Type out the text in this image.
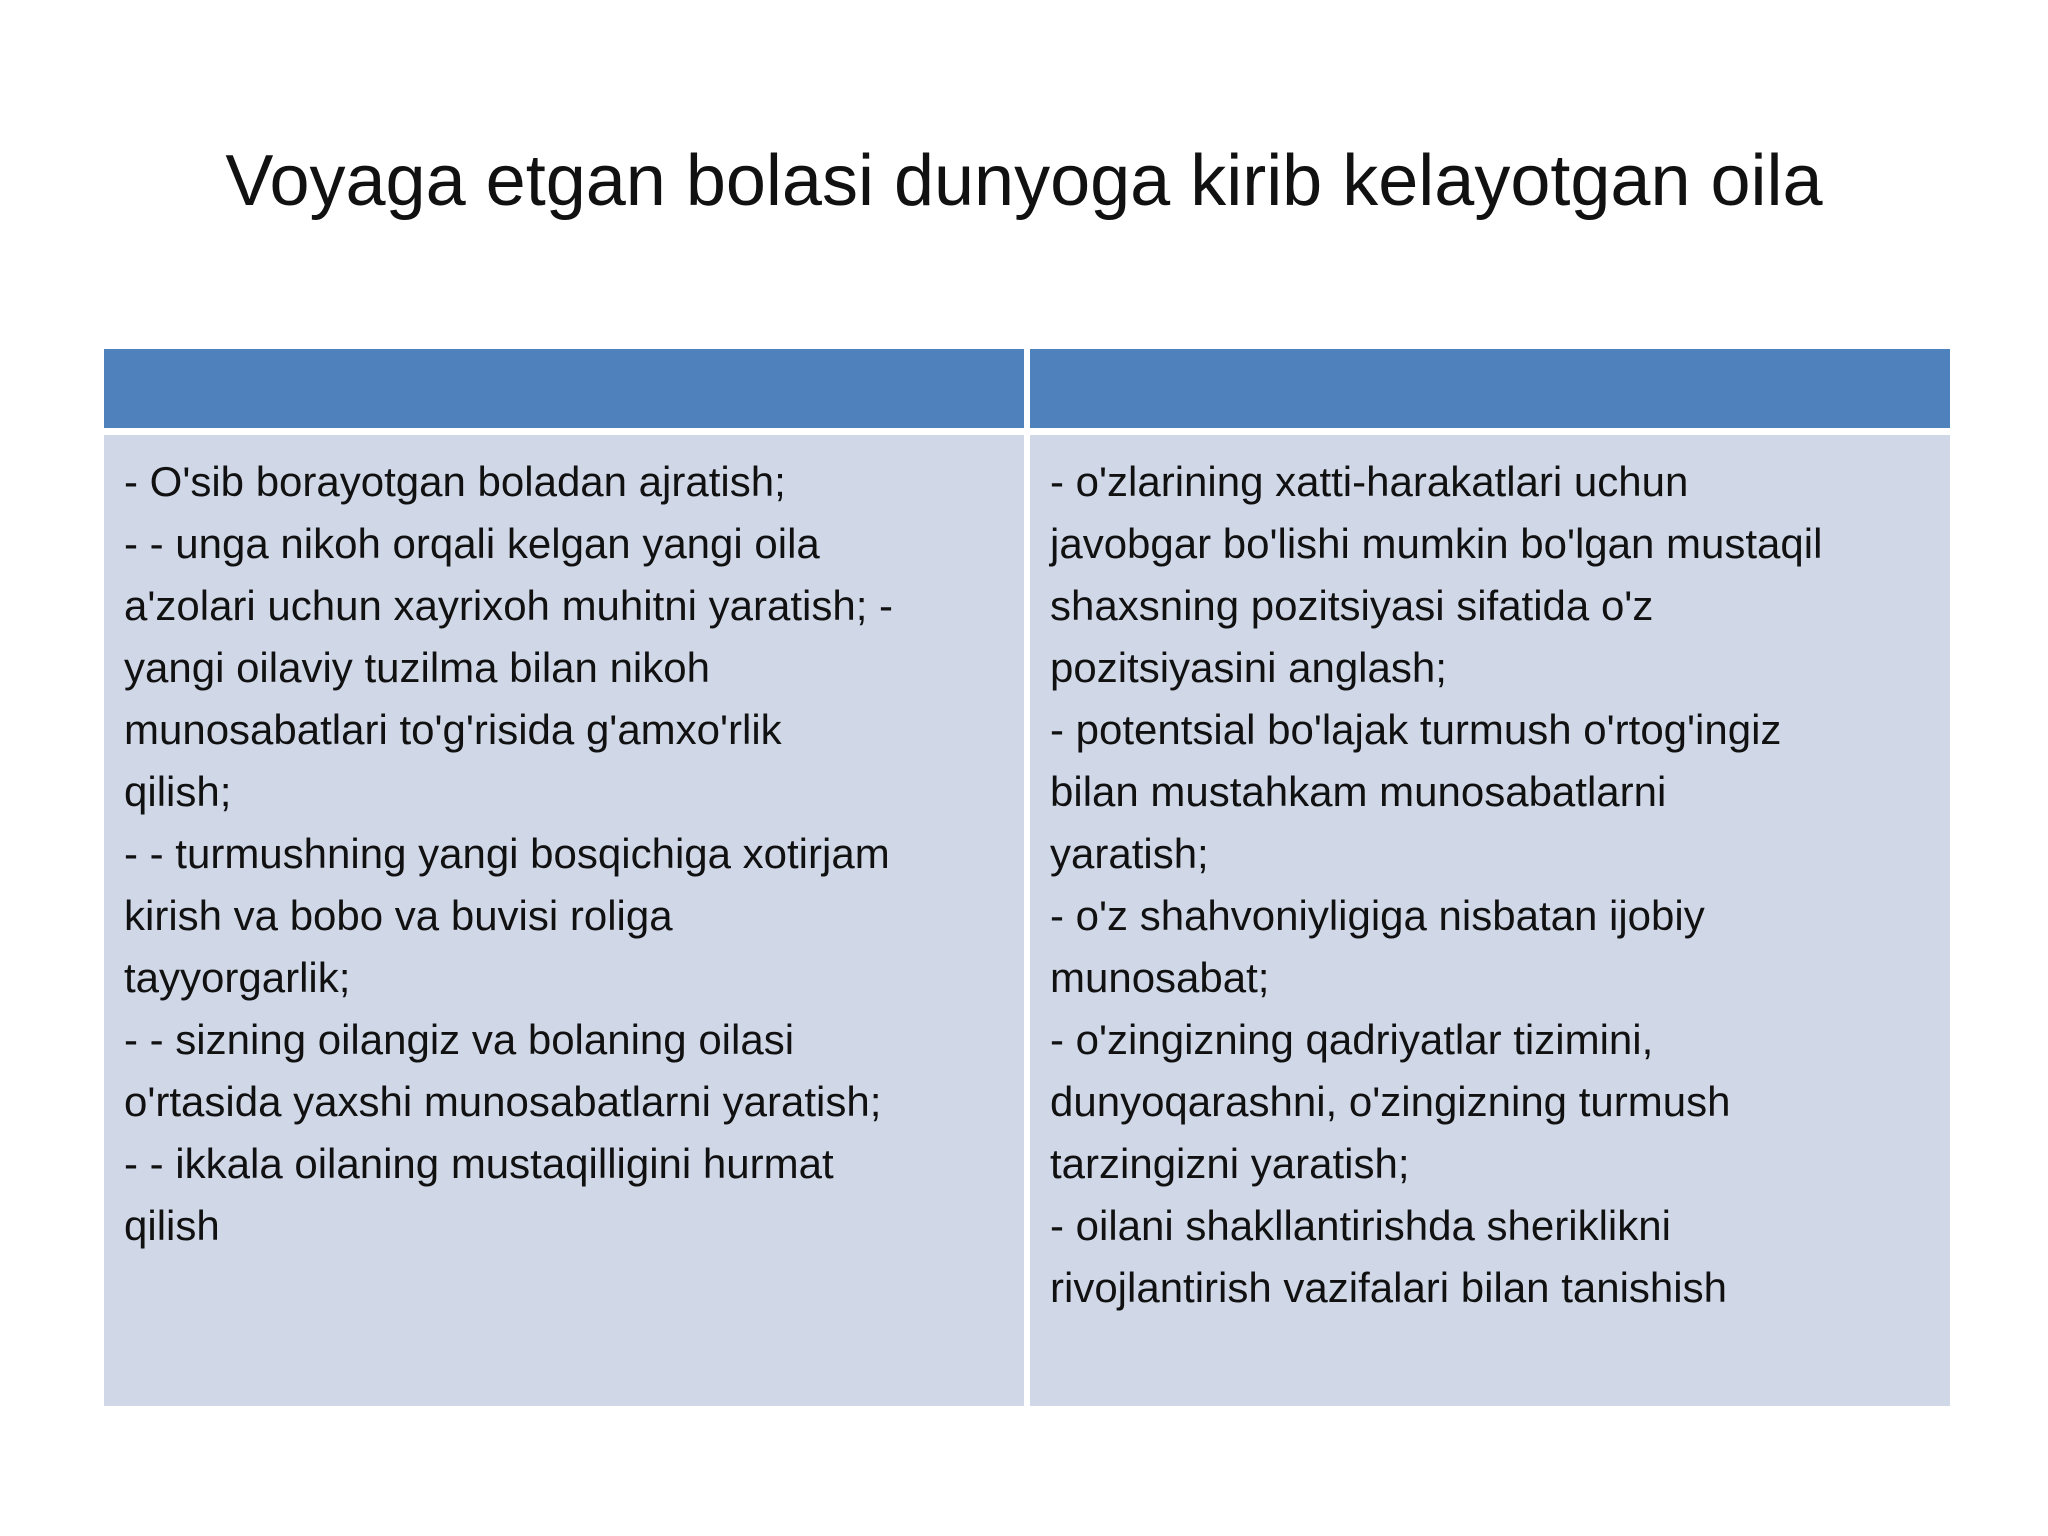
Voyaga etgan bolasi dunyoga kirib kelayotgan oila
- O'sib borayotgan boladan ajratish;
- - unga nikoh orqali kelgan yangi oila
a'zolari uchun xayrixoh muhitni yaratish; -
yangi oilaviy tuzilma bilan nikoh
munosabatlari to'g'risida g'amxo'rlik
qilish;
- - turmushning yangi bosqichiga xotirjam
kirish va bobo va buvisi roliga
tayyorgarlik;
- - sizning oilangiz va bolaning oilasi
o'rtasida yaxshi munosabatlarni yaratish;
- - ikkala oilaning mustaqilligini hurmat
qilish
- o'zlarining xatti-harakatlari uchun
javobgar bo'lishi mumkin bo'lgan mustaqil
shaxsning pozitsiyasi sifatida o'z
pozitsiyasini anglash;
- potentsial bo'lajak turmush o'rtog'ingiz
bilan mustahkam munosabatlarni
yaratish;
- o'z shahvoniyligiga nisbatan ijobiy
munosabat;
- o'zingizning qadriyatlar tizimini,
dunyoqarashni, o'zingizning turmush
tarzingizni yaratish;
- oilani shakllantirishda sheriklikni
rivojlantirish vazifalari bilan tanishish
